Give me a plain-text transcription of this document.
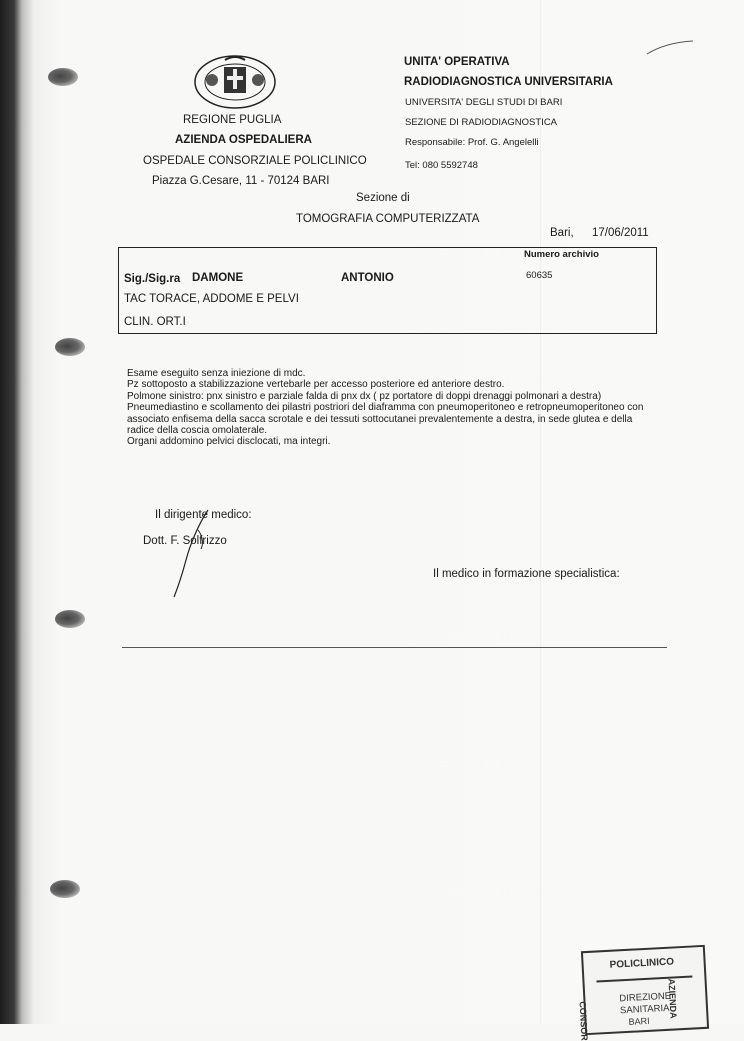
REGIONE PUGLIA
AZIENDA OSPEDALIERA
OSPEDALE CONSORZIALE POLICLINICO
Piazza G.Cesare, 11 - 70124 BARI
UNITA' OPERATIVA
RADIODIAGNOSTICA UNIVERSITARIA
UNIVERSITA' DEGLI STUDI DI BARI
SEZIONE DI RADIODIAGNOSTICA
Responsabile: Prof. G. Angelelli
Tel: 080 5592748
Sezione di
TOMOGRAFIA COMPUTERIZZATA
Bari, 17/06/2011
Numero archivio
60635
Sig./Sig.ra DAMONE	ANTONIO
TAC TORACE, ADDOME E PELVI
CLIN. ORT.I
Esame eseguito senza iniezione di mdc.
Pz sottoposto a stabilizzazione vertebarle per accesso posteriore ed anteriore destro.
Polmone sinistro: pnx sinistro e parziale falda di pnx dx ( pz portatore di doppi drenaggi polmonari a destra)
Pneumediastino e scollamento dei pilastri postriori del diaframma con pneumoperitoneo e retropneumoperitoneo con
associato enfisema della sacca scrotale e dei tessuti sottocutanei prevalentemente a destra, in sede glutea e della
radice della coscia omolaterale.
Organi addomino pelvici disclocati, ma integri.
Il dirigente medico:
Dott. F. Solfrizzo
Il medico in formazione specialistica:
POLICLINICO
CONSOR
AZIENDA
DIREZIONE
SANITARIA
BARI
